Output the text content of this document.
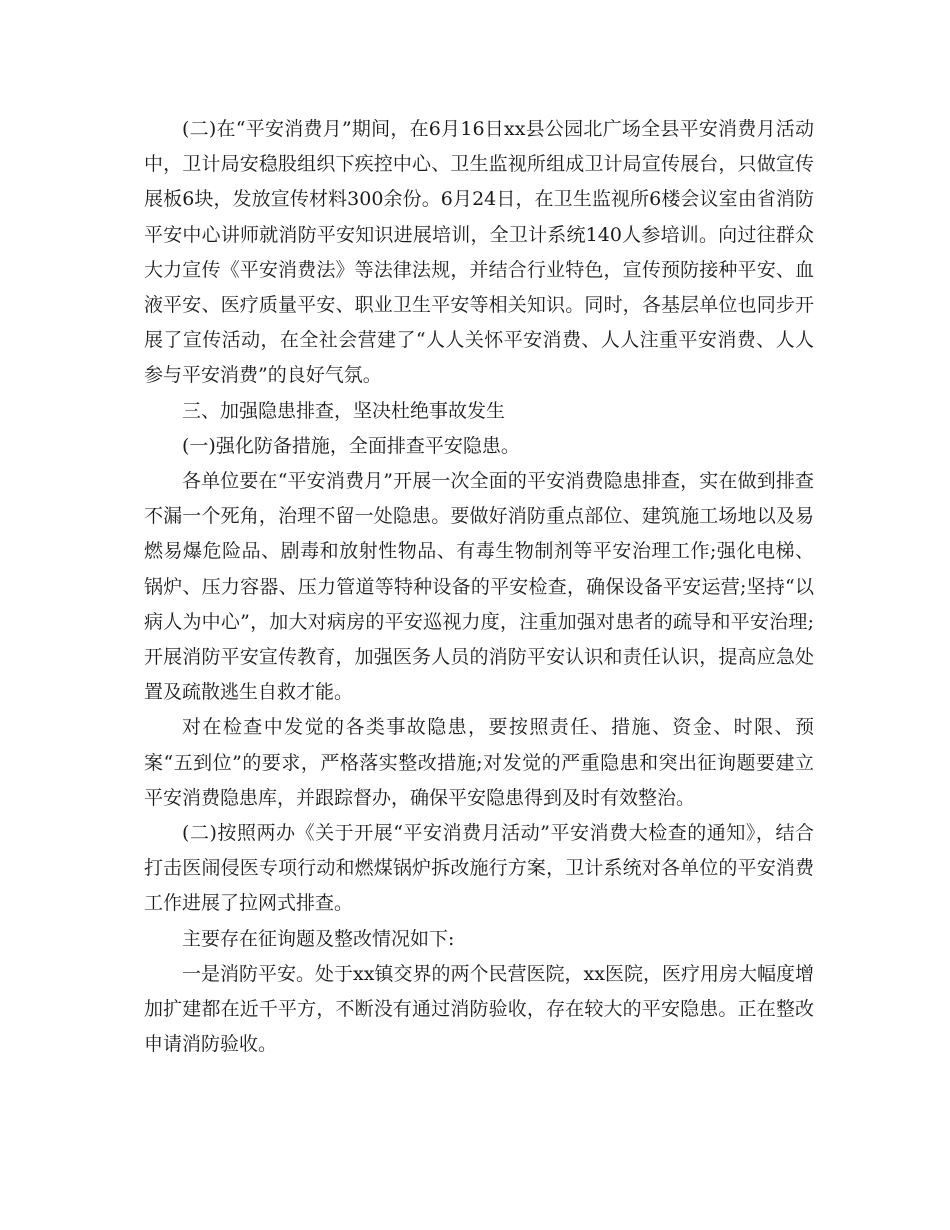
(二)在“平安消费月”期间，在6月16日xx县公园北广场全县平安消费月活动中，卫计局安稳股组织下疾控中心、卫生监视所组成卫计局宣传展台，只做宣传展板6块，发放宣传材料300余份。6月24日，在卫生监视所6楼会议室由省消防平安中心讲师就消防平安知识进展培训，全卫计系统140人参培训。向过往群众大力宣传《平安消费法》等法律法规，并结合行业特色，宣传预防接种平安、血液平安、医疗质量平安、职业卫生平安等相关知识。同时，各基层单位也同步开展了宣传活动，在全社会营建了“人人关怀平安消费、人人注重平安消费、人人参与平安消费”的良好气氛。

三、加强隐患排查，坚决杜绝事故发生

(一)强化防备措施，全面排查平安隐患。

各单位要在“平安消费月”开展一次全面的平安消费隐患排查，实在做到排查不漏一个死角，治理不留一处隐患。要做好消防重点部位、建筑施工场地以及易燃易爆危险品、剧毒和放射性物品、有毒生物制剂等平安治理工作;强化电梯、锅炉、压力容器、压力管道等特种设备的平安检查，确保设备平安运营;坚持“以病人为中心”，加大对病房的平安巡视力度，注重加强对患者的疏导和平安治理;开展消防平安宣传教育，加强医务人员的消防平安认识和责任认识，提高应急处置及疏散逃生自救才能。

对在检查中发觉的各类事故隐患，要按照责任、措施、资金、时限、预案“五到位”的要求，严格落实整改措施;对发觉的严重隐患和突出征询题要建立平安消费隐患库，并跟踪督办，确保平安隐患得到及时有效整治。

(二)按照两办《关于开展“平安消费月活动”平安消费大检查的通知》，结合打击医闹侵医专项行动和燃煤锅炉拆改施行方案，卫计系统对各单位的平安消费工作进展了拉网式排查。

主要存在征询题及整改情况如下:

一是消防平安。处于xx镇交界的两个民营医院，xx医院，医疗用房大幅度增加扩建都在近千平方，不断没有通过消防验收，存在较大的平安隐患。正在整改申请消防验收。
